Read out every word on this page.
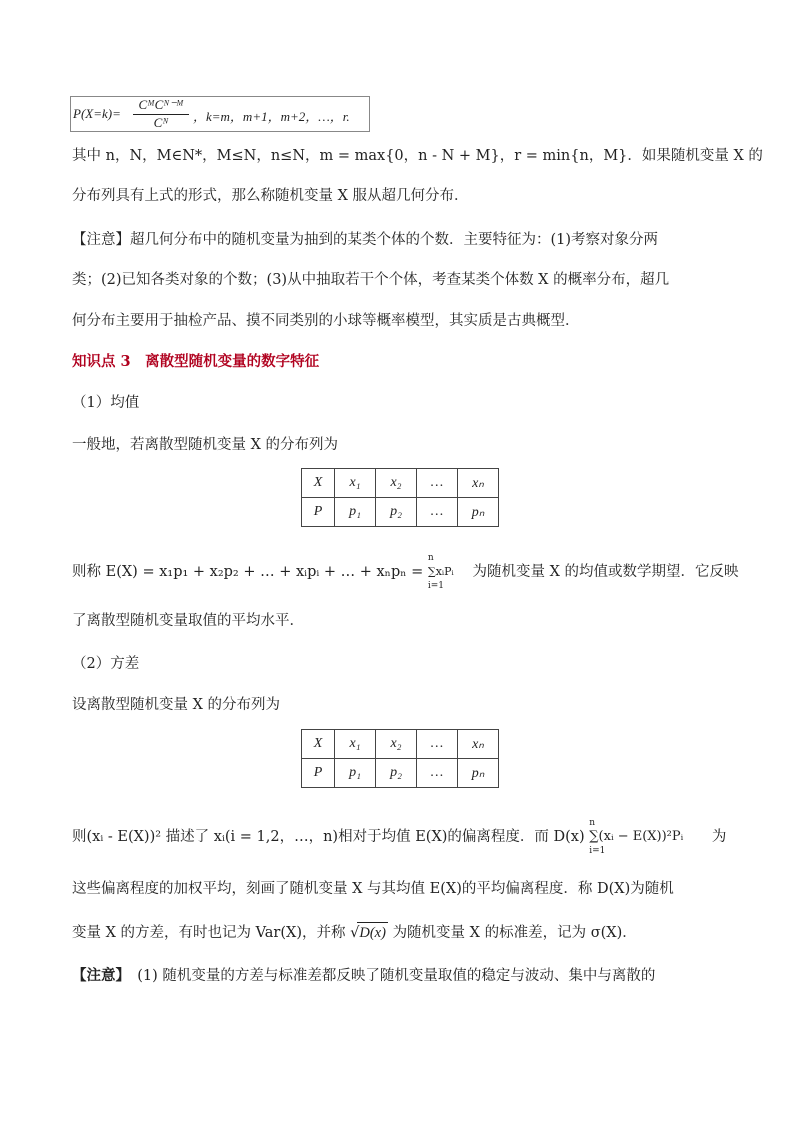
P(X=k)=
CᴹCᴺ⁻ᴹ
Cᴺ	，k=m，m+1，m+2，…，r.
其中 n，N，M∈N*，M≤N，n≤N，m = max{0，n - N + M}，r = min{n，M}．如果随机变量 X 的
分布列具有上式的形式，那么称随机变量 X 服从超几何分布．
【注意】超几何分布中的随机变量为抽到的某类个体的个数．主要特征为：(1)考察对象分两
类；(2)已知各类对象的个数；(3)从中抽取若干个个体，考查某类个体数 X 的概率分布，超几
何分布主要用于抽检产品、摸不同类别的小球等概率模型，其实质是古典概型．
知识点 3　离散型随机变量的数字特征
（1）均值
一般地，若离散型随机变量 X 的分布列为
X	x₁	x₂	…	xₙ
P	p₁	p₂	…	pₙ
则称 E(X) = x₁p₁ + x₂p₂ + … + xᵢpᵢ + … + xₙpₙ =
n
∑xᵢPᵢ
i=1
为随机变量 X 的均值或数学期望．它反映
了离散型随机变量取值的平均水平．
（2）方差
设离散型随机变量 X 的分布列为
X	x₁	x₂	…	xₙ
P	p₁	p₂	…	pₙ
则(xᵢ - E(X))² 描述了 xᵢ(i = 1,2，…，n)相对于均值 E(X)的偏离程度．而 D(x)
n
∑(xᵢ − E(X))²Pᵢ
i=1
为
这些偏离程度的加权平均，刻画了随机变量 X 与其均值 E(X)的平均偏离程度．称 D(X)为随机
变量 X 的方差，有时也记为 Var(X)，并称 √D(x) 为随机变量 X 的标准差，记为 σ(X)．
【注意】　(1) 随机变量的方差与标准差都反映了随机变量取值的稳定与波动、集中与离散的
